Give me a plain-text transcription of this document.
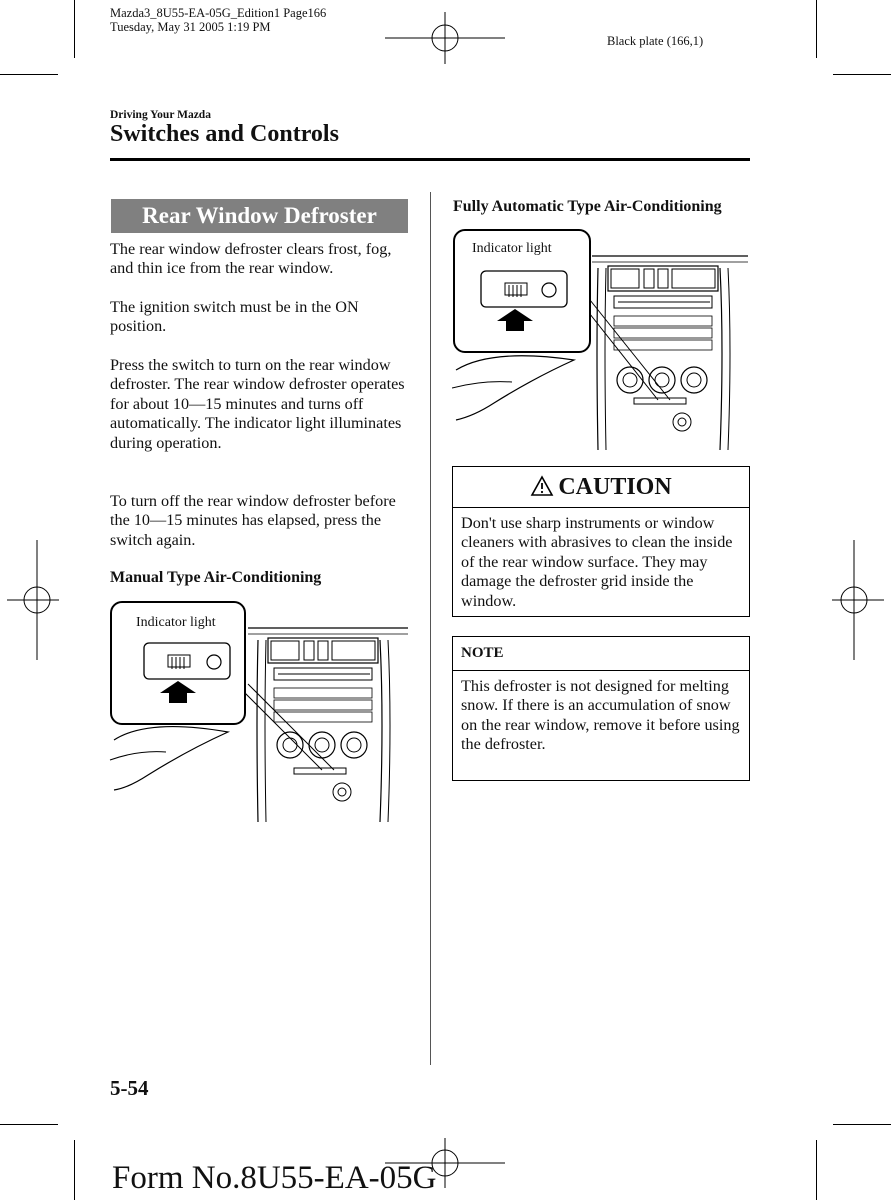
Mazda3_8U55-EA-05G_Edition1 Page166
Tuesday, May 31 2005 1:19 PM
Black plate (166,1)
Driving Your Mazda
Switches and Controls
Rear Window Defroster

The rear window defroster clears frost, fog, and thin ice from the rear window.

The ignition switch must be in the ON position.

Press the switch to turn on the rear window defroster. The rear window defroster operates for about 10—15 minutes and turns off automatically. The indicator light illuminates during operation.

To turn off the rear window defroster before the 10—15 minutes has elapsed, press the switch again.

Manual Type Air-Conditioning
Indicator light
Fully Automatic Type Air-Conditioning
Indicator light
CAUTION
Don't use sharp instruments or window cleaners with abrasives to clean the inside of the rear window surface. They may damage the defroster grid inside the window.
NOTE
This defroster is not designed for melting snow. If there is an accumulation of snow on the rear window, remove it before using the defroster.
5-54
Form No.8U55-EA-05G
